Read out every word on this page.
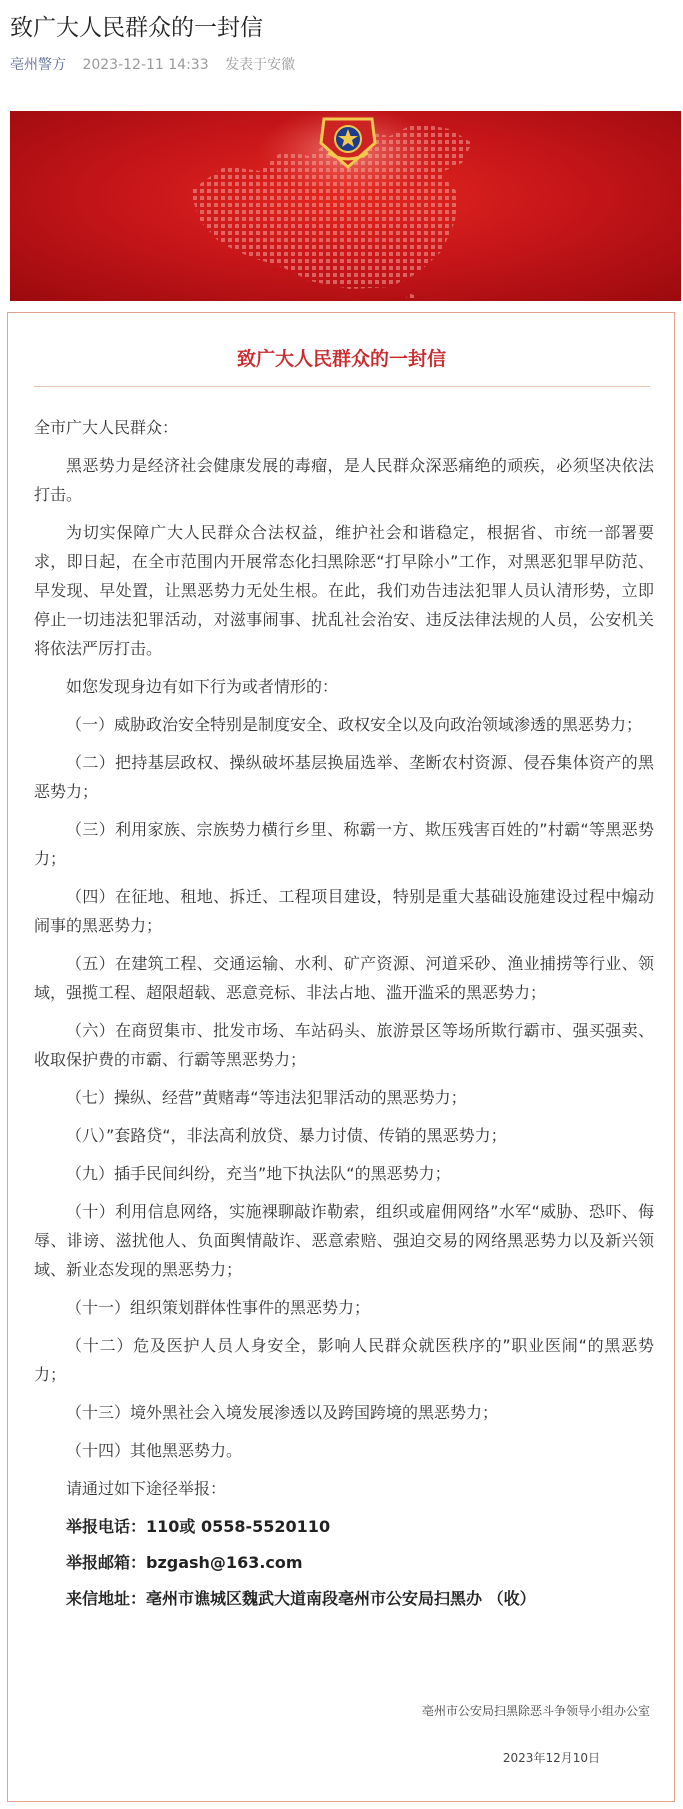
致广大人民群众的一封信
亳州警方 2023-12-11 14:33 发表于安徽
致广大人民群众的一封信

全市广大人民群众：

黑恶势力是经济社会健康发展的毒瘤，是人民群众深恶痛绝的顽疾，必须坚决依法打击。

为切实保障广大人民群众合法权益，维护社会和谐稳定，根据省、市统一部署要求，即日起，在全市范围内开展常态化扫黑除恶“打早除小”工作，对黑恶犯罪早防范、早发现、早处置，让黑恶势力无处生根。在此，我们劝告违法犯罪人员认清形势，立即停止一切违法犯罪活动，对滋事闹事、扰乱社会治安、违反法律法规的人员，公安机关将依法严厉打击。

如您发现身边有如下行为或者情形的：

（一）威胁政治安全特别是制度安全、政权安全以及向政治领域渗透的黑恶势力；

（二）把持基层政权、操纵破坏基层换届选举、垄断农村资源、侵吞集体资产的黑恶势力；

（三）利用家族、宗族势力横行乡里、称霸一方、欺压残害百姓的”村霸“等黑恶势力；

（四）在征地、租地、拆迁、工程项目建设，特别是重大基础设施建设过程中煽动闹事的黑恶势力；

（五）在建筑工程、交通运输、水利、矿产资源、河道采砂、渔业捕捞等行业、领域，强揽工程、超限超载、恶意竞标、非法占地、滥开滥采的黑恶势力；

（六）在商贸集市、批发市场、车站码头、旅游景区等场所欺行霸市、强买强卖、收取保护费的市霸、行霸等黑恶势力；

（七）操纵、经营”黄赌毒“等违法犯罪活动的黑恶势力；

（八）”套路贷“，非法高利放贷、暴力讨债、传销的黑恶势力；

（九）插手民间纠纷，充当”地下执法队“的黑恶势力；

（十）利用信息网络，实施裸聊敲诈勒索，组织或雇佣网络”水军“威胁、恐吓、侮辱、诽谤、滋扰他人、负面舆情敲诈、恶意索赔、强迫交易的网络黑恶势力以及新兴领域、新业态发现的黑恶势力；

（十一）组织策划群体性事件的黑恶势力；

（十二）危及医护人员人身安全，影响人民群众就医秩序的”职业医闹“的黑恶势力；

（十三）境外黑社会入境发展渗透以及跨国跨境的黑恶势力；

（十四）其他黑恶势力。

请通过如下途径举报：

举报电话：110或 0558-5520110

举报邮箱：bzgash@163.com

来信地址：亳州市谯城区魏武大道南段亳州市公安局扫黑办 （收）

亳州市公安局扫黑除恶斗争领导小组办公室
2023年12月10日
